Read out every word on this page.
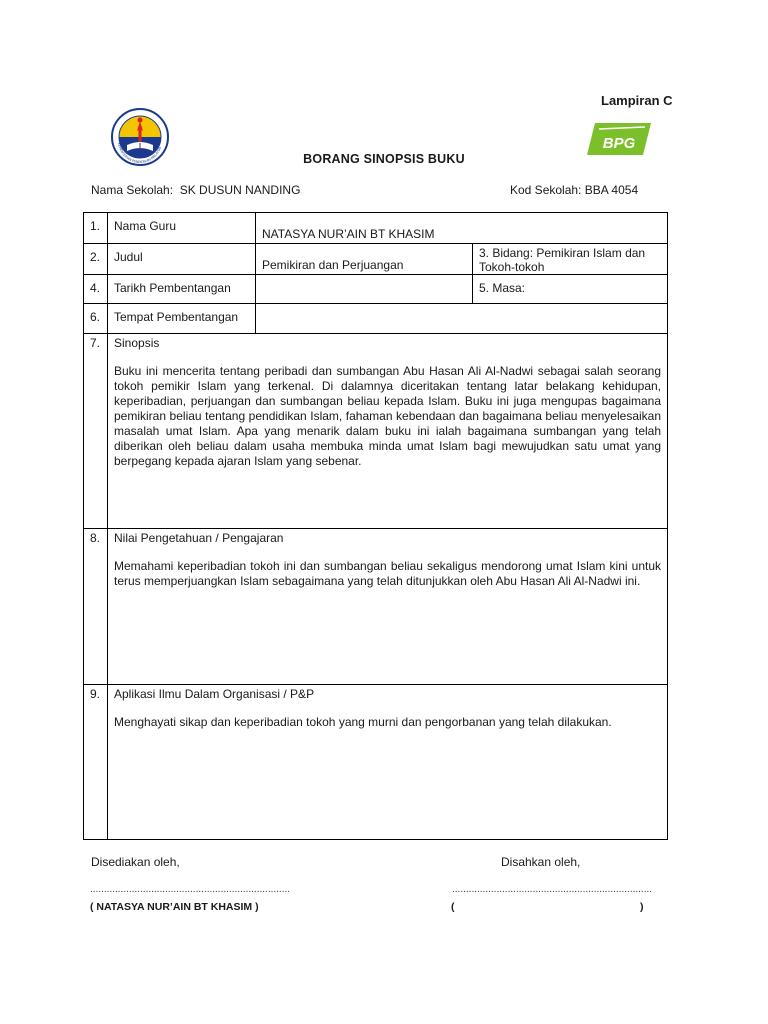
Lampiran C
KEMENTERIAN PENDIDIKAN MALAYSIA	BPG
BORANG SINOPSIS BUKU
Nama Sekolah: SK DUSUN NANDING	Kod Sekolah: BBA 4054
1.	Nama Guru	NATASYA NUR’AIN BT KHASIM	

2.	Judul	Pemikiran dan Perjuangan	3. Bidang: Pemikiran Islam dan Tokoh-tokoh

4.	Tarikh Pembentangan		5. Masa:

6.	Tempat Pembentangan		

7.	Sinopsis
Buku ini mencerita tentang peribadi dan sumbangan Abu Hasan Ali Al-Nadwi sebagai salah seorang tokoh pemikir Islam yang terkenal. Di dalamnya diceritakan tentang latar belakang kehidupan, keperibadian, perjuangan dan sumbangan beliau kepada Islam. Buku ini juga mengupas bagaimana pemikiran beliau tentang pendidikan Islam, fahaman kebendaan dan bagaimana beliau menyelesaikan masalah umat Islam. Apa yang menarik dalam buku ini ialah bagaimana sumbangan yang telah diberikan oleh beliau dalam usaha membuka minda umat Islam bagi mewujudkan satu umat yang berpegang kepada ajaran Islam yang sebenar.		

8.	Nilai Pengetahuan / Pengajaran
Memahami keperibadian tokoh ini dan sumbangan beliau sekaligus mendorong umat Islam kini untuk terus memperjuangkan Islam sebagaimana yang telah ditunjukkan oleh Abu Hasan Ali Al-Nadwi ini.		

9.	Aplikasi Ilmu Dalam Organisasi / P&P
Menghayati sikap dan keperibadian tokoh yang murni dan pengorbanan yang telah dilakukan.		
Disediakan oleh,	Disahkan oleh,
........................................................................	........................................................................
( NATASYA NUR’AIN BT KHASIM )	(	)
